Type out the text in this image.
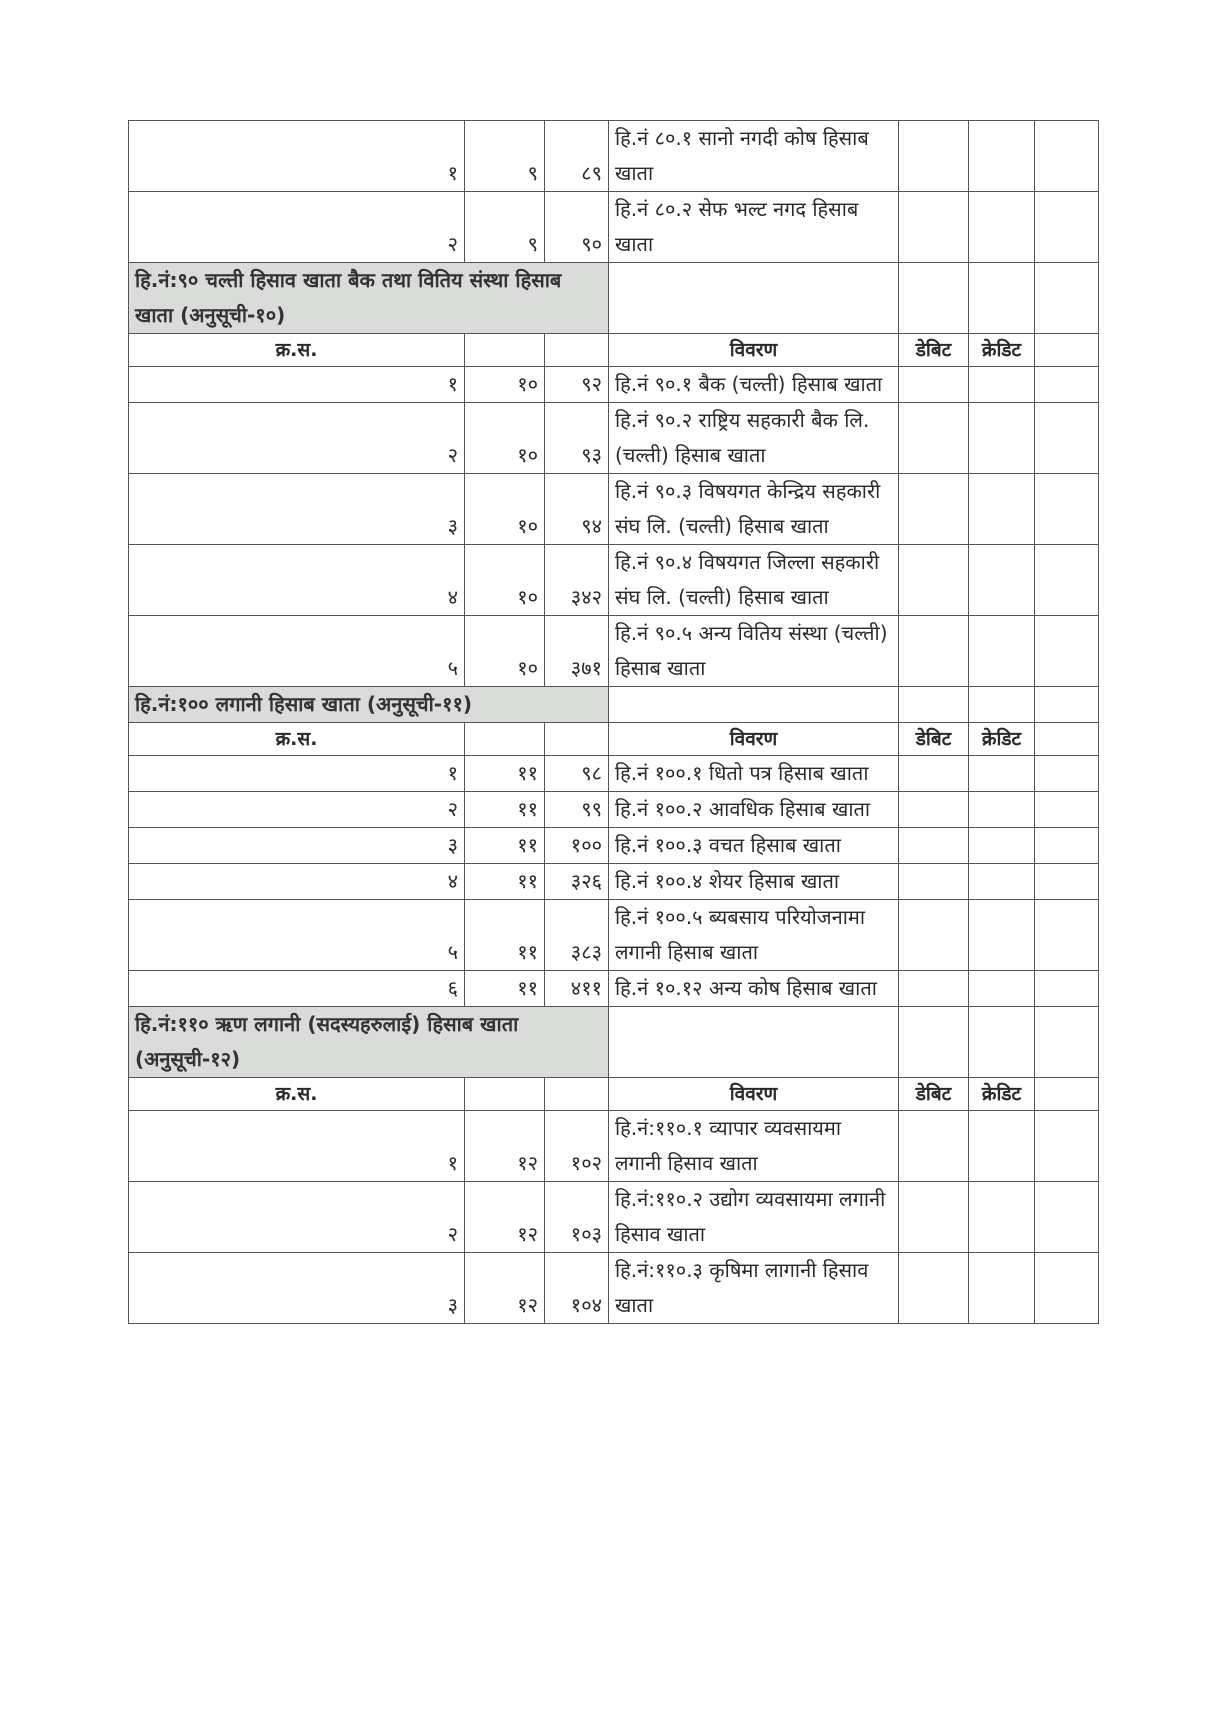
१	९	८९	हि.नं ८०.१ सानो नगदी कोष हिसाब खाता			
२	९	९०	हि.नं ८०.२ सेफ भल्ट नगद हिसाब खाता			
हि.नं:९० चल्ती हिसाव खाता बैक तथा वितिय संस्था हिसाब खाता (अनुसूची-१०)						
क्र.स.			विवरण	डेबिट	क्रेडिट	
१	१०	९२	हि.नं ९०.१ बैक (चल्ती) हिसाब खाता			
२	१०	९३	हि.नं ९०.२ राष्ट्रिय सहकारी बैक लि. (चल्ती) हिसाब खाता			
३	१०	९४	हि.नं ९०.३ विषयगत केन्द्रिय सहकारी संघ लि. (चल्ती) हिसाब खाता			
४	१०	३४२	हि.नं ९०.४ विषयगत जिल्ला सहकारी संघ लि. (चल्ती) हिसाब खाता			
५	१०	३७१	हि.नं ९०.५ अन्य वितिय संस्था (चल्ती) हिसाब खाता			
हि.नं:१०० लगानी हिसाब खाता (अनुसूची-११)						
क्र.स.			विवरण	डेबिट	क्रेडिट	
१	११	९८	हि.नं १००.१ धितो पत्र हिसाब खाता			
२	११	९९	हि.नं १००.२ आवधिक हिसाब खाता			
३	११	१००	हि.नं १००.३ वचत हिसाब खाता			
४	११	३२६	हि.नं १००.४ शेयर हिसाब खाता			
५	११	३८३	हि.नं १००.५ ब्यबसाय परियोजनामा लगानी हिसाब खाता			
६	११	४११	हि.नं १०.१२ अन्य कोष हिसाब खाता			
हि.नं:११० ऋण लगानी (सदस्यहरुलाई) हिसाब खाता (अनुसूची-१२)						
क्र.स.			विवरण	डेबिट	क्रेडिट	
१	१२	१०२	हि.नं:११०.१ व्यापार व्यवसायमा लगानी हिसाव खाता			
२	१२	१०३	हि.नं:११०.२ उद्योग व्यवसायमा लगानी हिसाव खाता			
३	१२	१०४	हि.नं:११०.३ कृषिमा लागानी हिसाव खाता			
